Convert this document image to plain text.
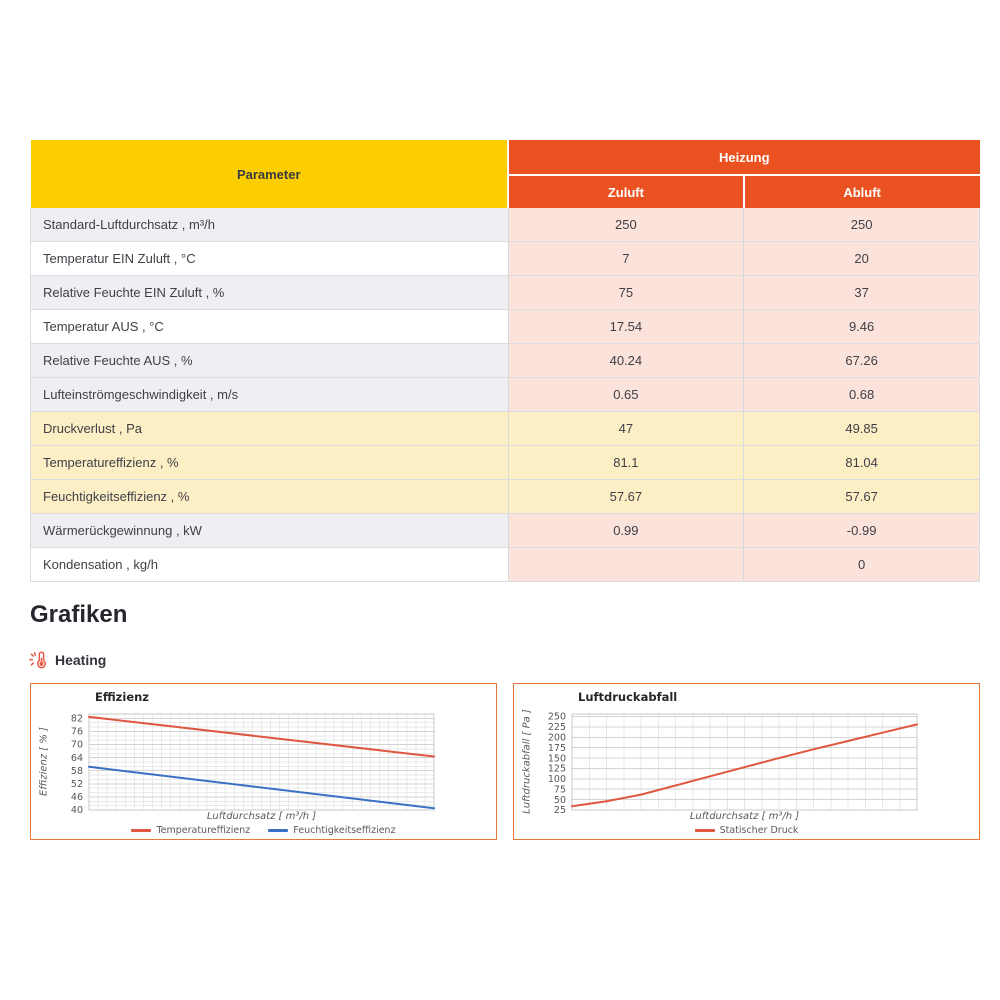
Parameter	Heizung	
	Zuluft	Abluft
Standard-Luftdurchsatz , m³/h	250	250
Temperatur EIN Zuluft , °C	7	20
Relative Feuchte EIN Zuluft , %	75	37
Temperatur AUS , °C	17.54	9.46
Relative Feuchte AUS , %	40.24	67.26
Lufteinströmgeschwindigkeit , m/s	0.65	0.68
Druckverlust , Pa	47	49.85
Temperatureffizienz , %	81.1	81.04
Feuchtigkeitseffizienz , %	57.67	57.67
Wärmerückgewinnung , kW	0.99	-0.99
Kondensation , kg/h		0
Grafiken
Heating
82
76
70
64
58
52
46
40
Effizienz
Effizienz [ % ]
Luftdurchsatz [ m³/h ]
Temperatureffizienz	Feuchtigkeitseffizienz
250
225
200
175
150
125
100
75
50
25
Luftdruckabfall
Luftdruckabfall [ Pa ]
Luftdurchsatz [ m³/h ]
Statischer Druck
